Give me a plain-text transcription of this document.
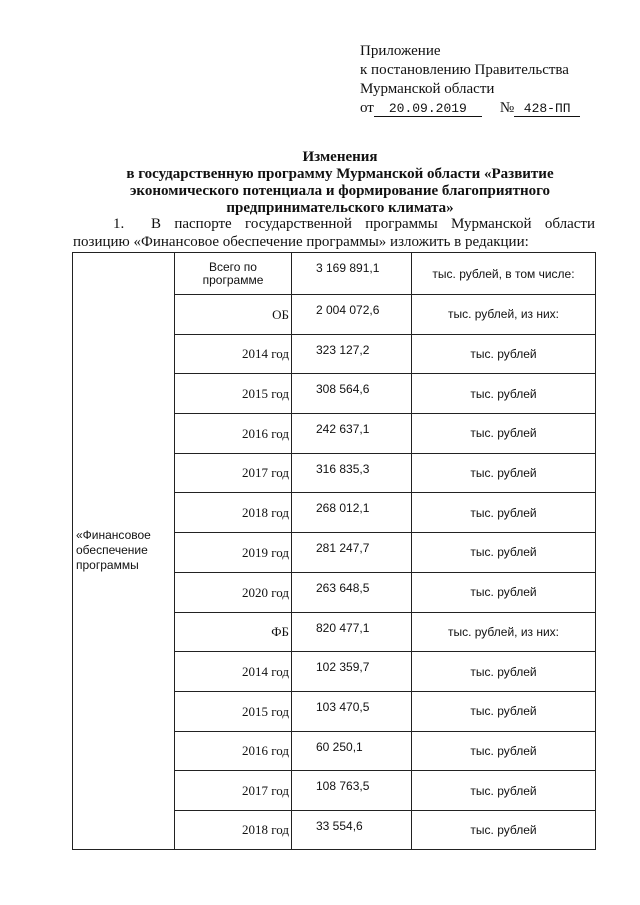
Приложение
к постановлению Правительства
Мурманской области
от 20.09.2019 № 428-ПП
Изменения
в государственную программу Мурманской области «Развитие
экономического потенциала и формирование благоприятного
предпринимательского климата»
1. В паспорте государственной программы Мурманской области позицию «Финансовое обеспечение программы» изложить в редакции:
«Финансовое обеспечение программы	Всего по программе	3 169 891,1	тыс. рублей, в том числе:
	ОБ	2 004 072,6	тыс. рублей, из них:
	2014 год	323 127,2	тыс. рублей
	2015 год	308 564,6	тыс. рублей
	2016 год	242 637,1	тыс. рублей
	2017 год	316 835,3	тыс. рублей
	2018 год	268 012,1	тыс. рублей
	2019 год	281 247,7	тыс. рублей
	2020 год	263 648,5	тыс. рублей
	ФБ	820 477,1	тыс. рублей, из них:
	2014 год	102 359,7	тыс. рублей
	2015 год	103 470,5	тыс. рублей
	2016 год	60 250,1	тыс. рублей
	2017 год	108 763,5	тыс. рублей
	2018 год	33 554,6	тыс. рублей
